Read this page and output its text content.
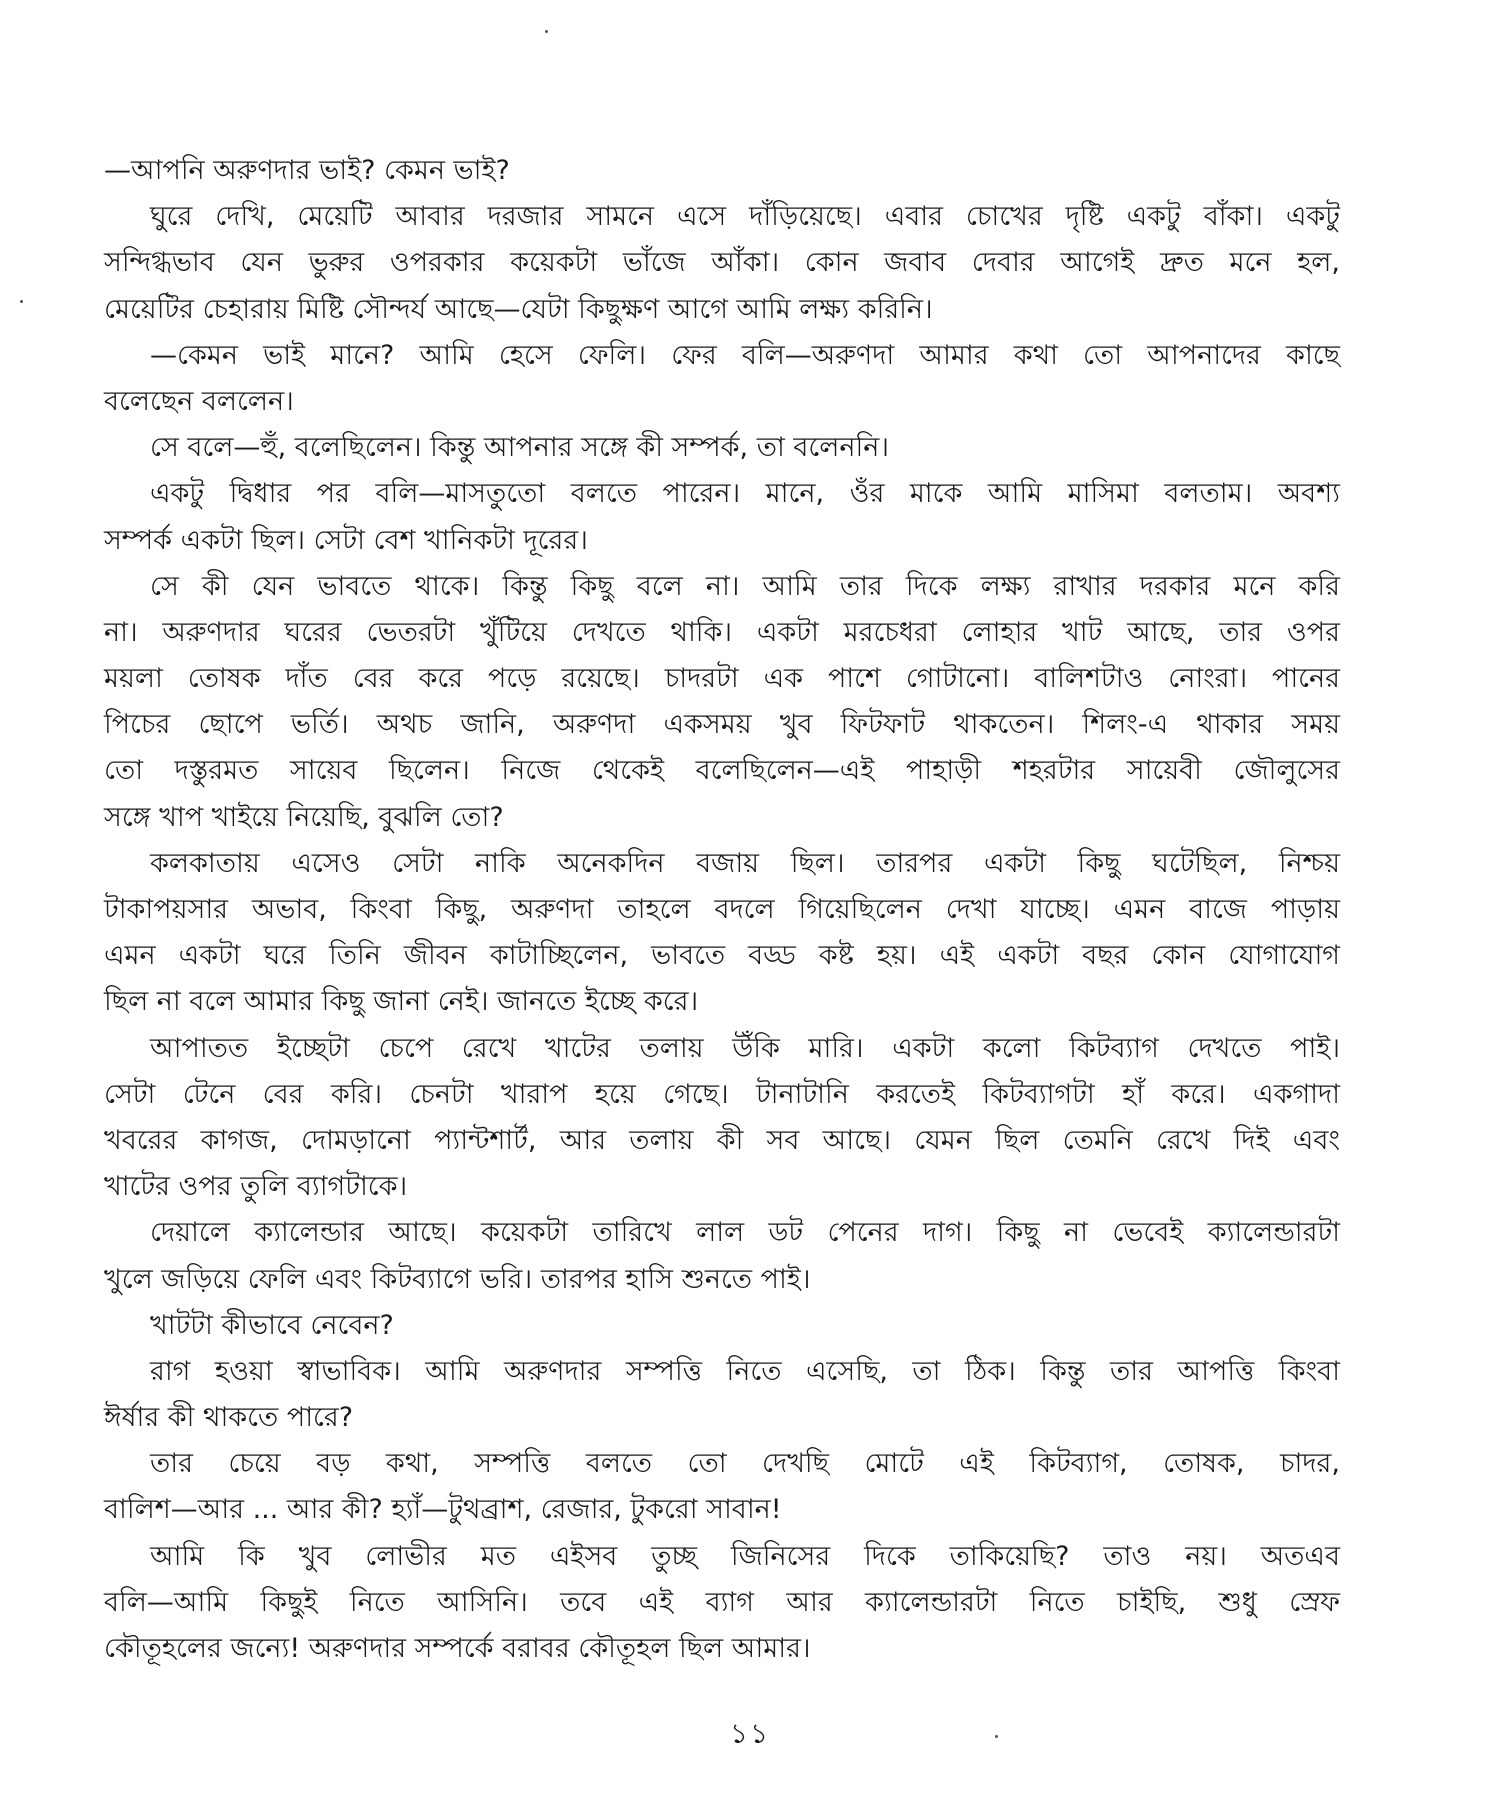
—আপনি অরুণদার ভাই? কেমন ভাই?
ঘুরে দেখি, মেয়েটি আবার দরজার সামনে এসে দাঁড়িয়েছে। এবার চোখের দৃষ্টি একটু বাঁকা। একটু
সন্দিগ্ধভাব যেন ভুরুর ওপরকার কয়েকটা ভাঁজে আঁকা। কোন জবাব দেবার আগেই দ্রুত মনে হল,
মেয়েটির চেহারায় মিষ্টি সৌন্দর্য আছে—যেটা কিছুক্ষণ আগে আমি লক্ষ্য করিনি।
—কেমন ভাই মানে? আমি হেসে ফেলি। ফের বলি—অরুণদা আমার কথা তো আপনাদের কাছে
বলেছেন বললেন।
সে বলে—হুঁ, বলেছিলেন। কিন্তু আপনার সঙ্গে কী সম্পর্ক, তা বলেননি।
একটু দ্বিধার পর বলি—মাসতুতো বলতে পারেন। মানে, ওঁর মাকে আমি মাসিমা বলতাম। অবশ্য
সম্পর্ক একটা ছিল। সেটা বেশ খানিকটা দূরের।
সে কী যেন ভাবতে থাকে। কিন্তু কিছু বলে না। আমি তার দিকে লক্ষ্য রাখার দরকার মনে করি
না। অরুণদার ঘরের ভেতরটা খুঁটিয়ে দেখতে থাকি। একটা মরচেধরা লোহার খাট আছে, তার ওপর
ময়লা তোষক দাঁত বের করে পড়ে রয়েছে। চাদরটা এক পাশে গোটানো। বালিশটাও নোংরা। পানের
পিচের ছোপে ভর্তি। অথচ জানি, অরুণদা একসময় খুব ফিটফাট থাকতেন। শিলং-এ থাকার সময়
তো দস্তুরমত সায়েব ছিলেন। নিজে থেকেই বলেছিলেন—এই পাহাড়ী শহরটার সায়েবী জৌলুসের
সঙ্গে খাপ খাইয়ে নিয়েছি, বুঝলি তো?
কলকাতায় এসেও সেটা নাকি অনেকদিন বজায় ছিল। তারপর একটা কিছু ঘটেছিল, নিশ্চয়
টাকাপয়সার অভাব, কিংবা কিছু, অরুণদা তাহলে বদলে গিয়েছিলেন দেখা যাচ্ছে। এমন বাজে পাড়ায়
এমন একটা ঘরে তিনি জীবন কাটাচ্ছিলেন, ভাবতে বড্ড কষ্ট হয়। এই একটা বছর কোন যোগাযোগ
ছিল না বলে আমার কিছু জানা নেই। জানতে ইচ্ছে করে।
আপাতত ইচ্ছেটা চেপে রেখে খাটের তলায় উঁকি মারি। একটা কলো কিটব্যাগ দেখতে পাই।
সেটা টেনে বের করি। চেনটা খারাপ হয়ে গেছে। টানাটানি করতেই কিটব্যাগটা হাঁ করে। একগাদা
খবরের কাগজ, দোমড়ানো প্যান্টশার্ট, আর তলায় কী সব আছে। যেমন ছিল তেমনি রেখে দিই এবং
খাটের ওপর তুলি ব্যাগটাকে।
দেয়ালে ক্যালেন্ডার আছে। কয়েকটা তারিখে লাল ডট পেনের দাগ। কিছু না ভেবেই ক্যালেন্ডারটা
খুলে জড়িয়ে ফেলি এবং কিটব্যাগে ভরি। তারপর হাসি শুনতে পাই।
খাটটা কীভাবে নেবেন?
রাগ হওয়া স্বাভাবিক। আমি অরুণদার সম্পত্তি নিতে এসেছি, তা ঠিক। কিন্তু তার আপত্তি কিংবা
ঈর্ষার কী থাকতে পারে?
তার চেয়ে বড় কথা, সম্পত্তি বলতে তো দেখছি মোটে এই কিটব্যাগ, তোষক, চাদর,
বালিশ—আর ... আর কী? হ্যাঁ—টুথব্রাশ, রেজার, টুকরো সাবান!
আমি কি খুব লোভীর মত এইসব তুচ্ছ জিনিসের দিকে তাকিয়েছি? তাও নয়। অতএব
বলি—আমি কিছুই নিতে আসিনি। তবে এই ব্যাগ আর ক্যালেন্ডারটা নিতে চাইছি, শুধু স্রেফ
কৌতূহলের জন্যে! অরুণদার সম্পর্কে বরাবর কৌতূহল ছিল আমার।
১১
